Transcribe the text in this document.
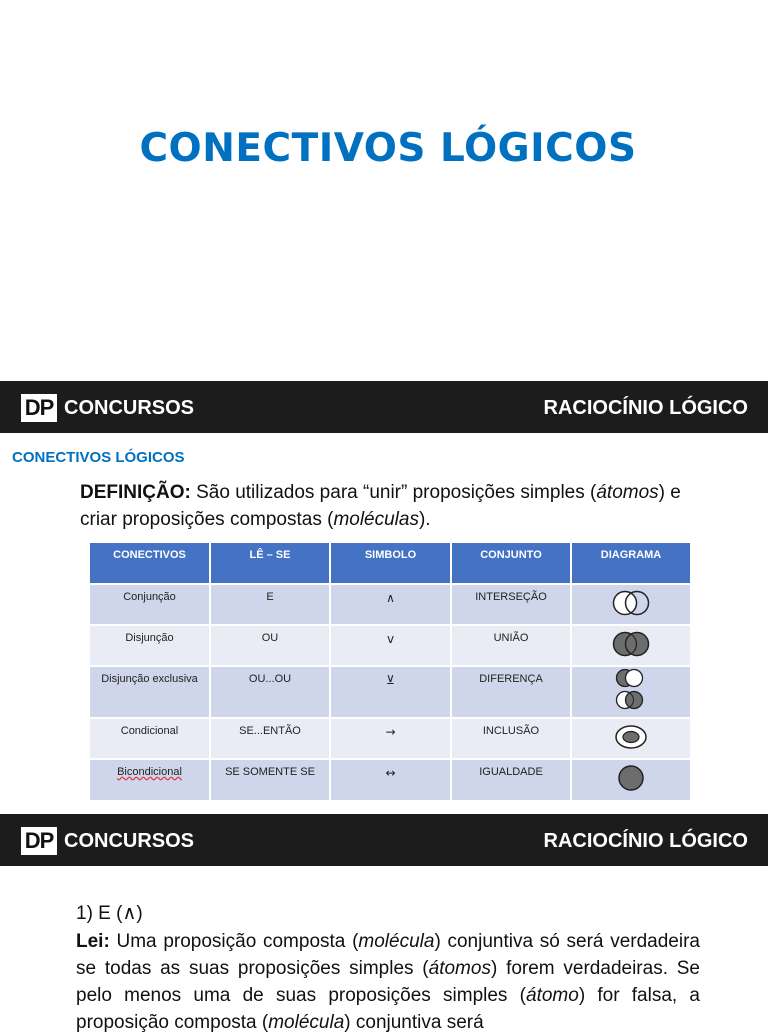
CONECTIVOS LÓGICOS
DP CONCURSOS	RACIOCÍNIO LÓGICO
CONECTIVOS LÓGICOS
DEFINIÇÃO: São utilizados para “unir” proposições simples (átomos) e criar proposições compostas (moléculas).
CONECTIVOS	LÊ – SE	SIMBOLO	CONJUNTO	DIAGRAMA
Conjunção	E	∧	INTERSEÇÃO	
Disjunção	OU	v	UNIÃO	
Disjunção exclusiva	OU...OU	⊻	DIFERENÇA	
Condicional	SE...ENTÃO	→	INCLUSÃO	
Bicondicional	SE SOMENTE SE	↔	IGUALDADE	
DP CONCURSOS	RACIOCÍNIO LÓGICO

1) E (∧)

Lei: Uma proposição composta (molécula) conjuntiva só será verdadeira se todas as suas proposições simples (átomos) forem verdadeiras. Se pelo menos uma de suas proposições simples (átomo) for falsa, a proposição composta (molécula) conjuntiva será
